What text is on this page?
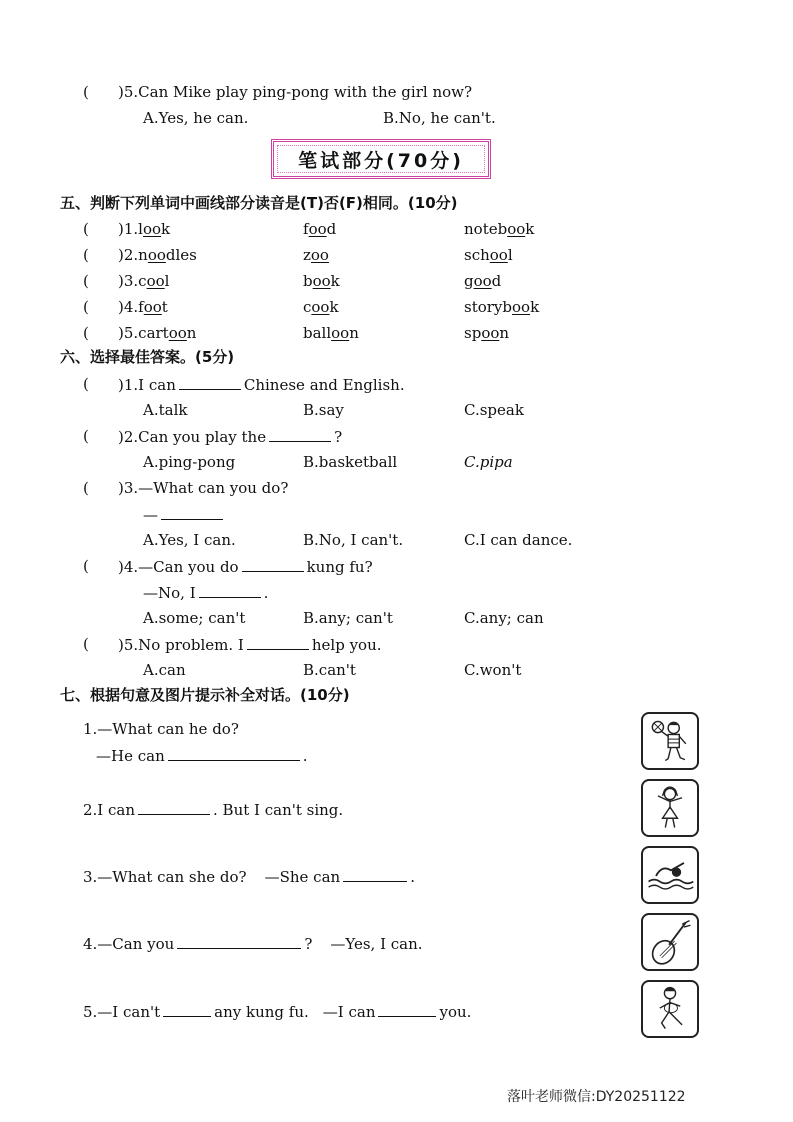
( )5.Can Mike play ping-pong with the girl now?
A.Yes, he can.	B.No, he can't.
笔试部分(70分)
五、判断下列单词中画线部分读音是(T)否(F)相同。(10分)
( )1.look	food	notebook
( )2.noodles	zoo	school
( )3.cool	book	good
( )4.foot	cook	storybook
( )5.cartoon	balloon	spoon
六、选择最佳答案。(5分)
( )1.I can	Chinese and English.
A.talk	B.say	C.speak
( )2.Can you play the	?
A.ping-pong	B.basketball	C.pipa
( )3.—What can you do?
—
A.Yes, I can.	B.No, I can't.	C.I can dance.
( )4.—Can you do	kung fu?
—No, I	.
A.some; can't	B.any; can't	C.any; can
( )5.No problem. I	help you.
A.can	B.can't	C.won't
七、根据句意及图片提示补全对话。(10分)
1.—What can he do?
—He can	.
2.I can	. But I can't sing.
3.—What can she do? —She can	.
4.—Can you	? —Yes, I can.
5.—I can't	any kung fu. —I can	you.
落叶老师微信:DY20251122
